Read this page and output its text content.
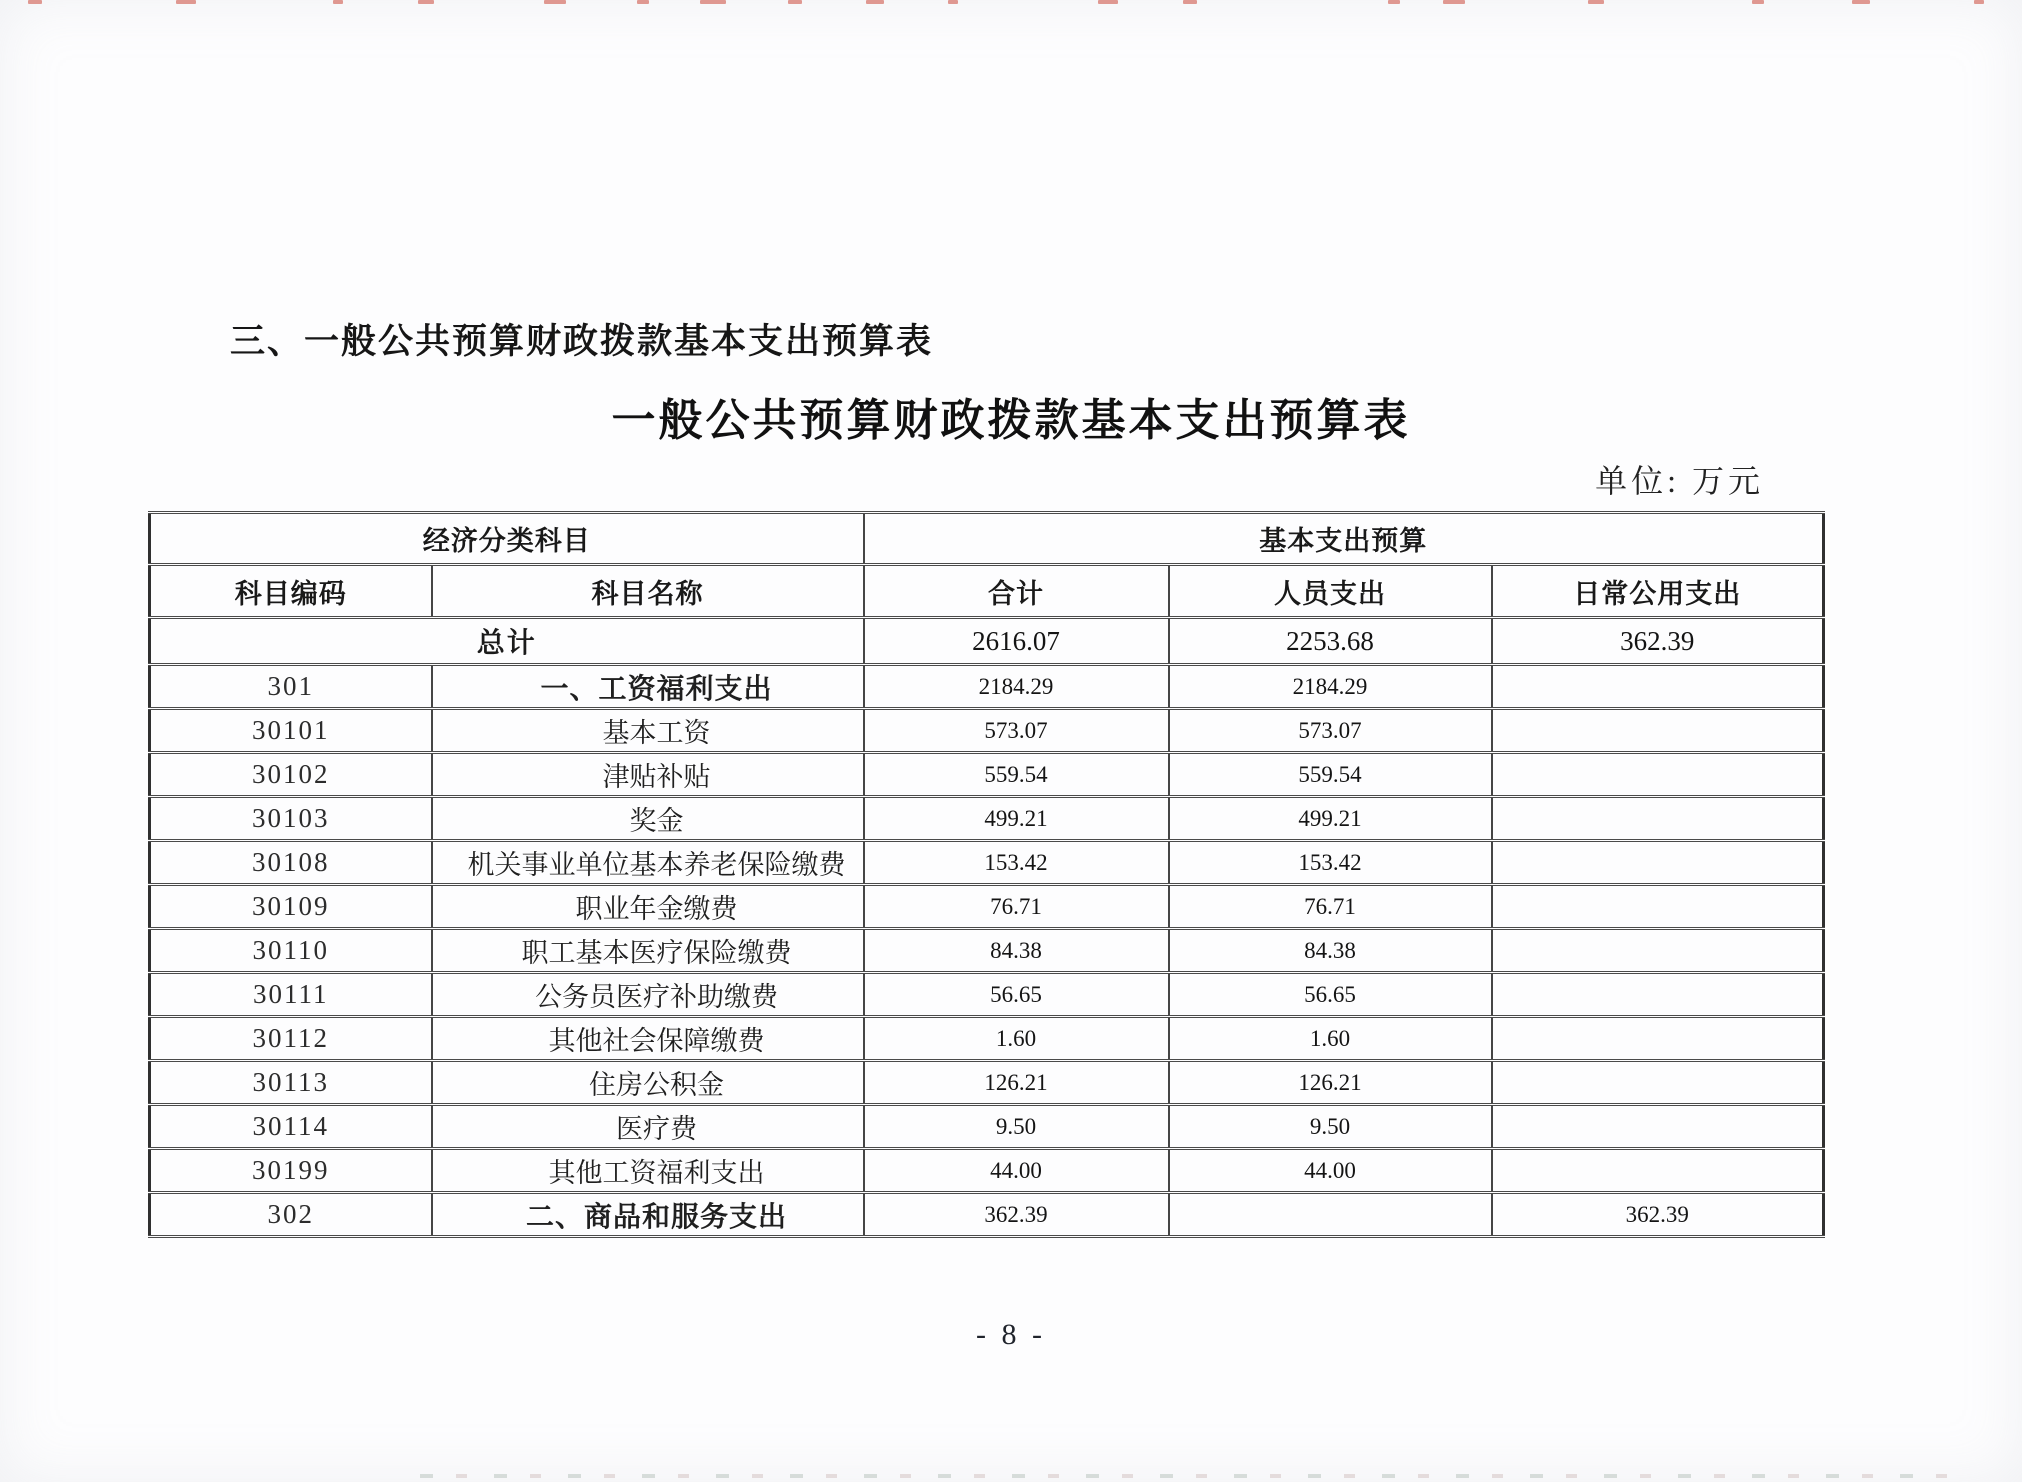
三、一般公共预算财政拨款基本支出预算表
一般公共预算财政拨款基本支出预算表
单位: 万元
经济分类科目		基本支出预算		
科目编码	科目名称	合计	人员支出	日常公用支出
总计		2616.07	2253.68	362.39
301	一、工资福利支出	2184.29	2184.29	
30101	基本工资	573.07	573.07	
30102	津贴补贴	559.54	559.54	
30103	奖金	499.21	499.21	
30108	机关事业单位基本养老保险缴费	153.42	153.42	
30109	职业年金缴费	76.71	76.71	
30110	职工基本医疗保险缴费	84.38	84.38	
30111	公务员医疗补助缴费	56.65	56.65	
30112	其他社会保障缴费	1.60	1.60	
30113	住房公积金	126.21	126.21	
30114	医疗费	9.50	9.50	
30199	其他工资福利支出	44.00	44.00	
302	二、商品和服务支出	362.39		362.39
- 8 -
